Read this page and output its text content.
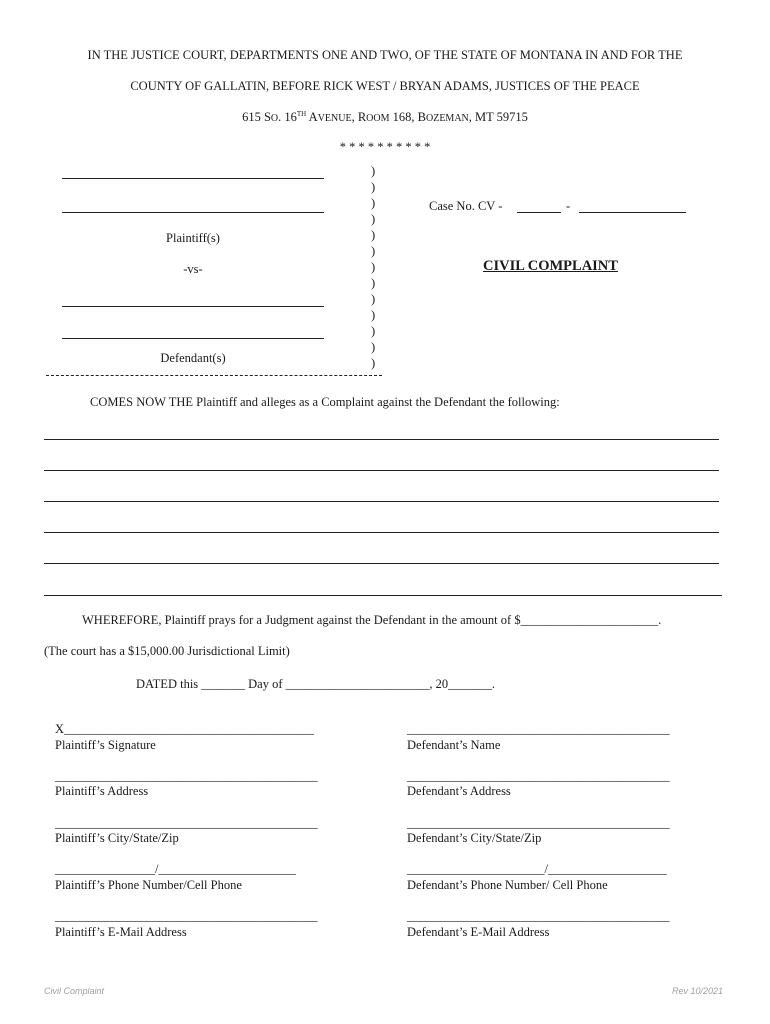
IN THE JUSTICE COURT, DEPARTMENTS ONE AND TWO, OF THE STATE OF MONTANA IN AND FOR THE
COUNTY OF GALLATIN, BEFORE RICK WEST / BRYAN ADAMS, JUSTICES OF THE PEACE
615 SO. 16TH AVENUE, ROOM 168, BOZEMAN, MT 59715
* * * * * * * * * *
Plaintiff(s)
-vs-
Defendant(s)
)
)
)
)
)
)
)
)
)
)
)
)
)
Case No. CV -	-
CIVIL COMPLAINT
COMES NOW THE Plaintiff and alleges as a Complaint against the Defendant the following:
WHEREFORE, Plaintiff prays for a Judgment against the Defendant in the amount of $______________________.
(The court has a $15,000.00 Jurisdictional Limit)
DATED this _______ Day of _______________________, 20_______.
X________________________________________
Plaintiff’s Signature
__________________________________________
Plaintiff’s Address
__________________________________________
Plaintiff’s City/State/Zip
________________/______________________
Plaintiff’s Phone Number/Cell Phone
__________________________________________
Plaintiff’s E-Mail Address
__________________________________________
Defendant’s Name
__________________________________________
Defendant’s Address
__________________________________________
Defendant’s City/State/Zip
______________________/___________________
Defendant’s Phone Number/ Cell Phone
__________________________________________
Defendant’s E-Mail Address
Civil Complaint	Rev 10/2021
